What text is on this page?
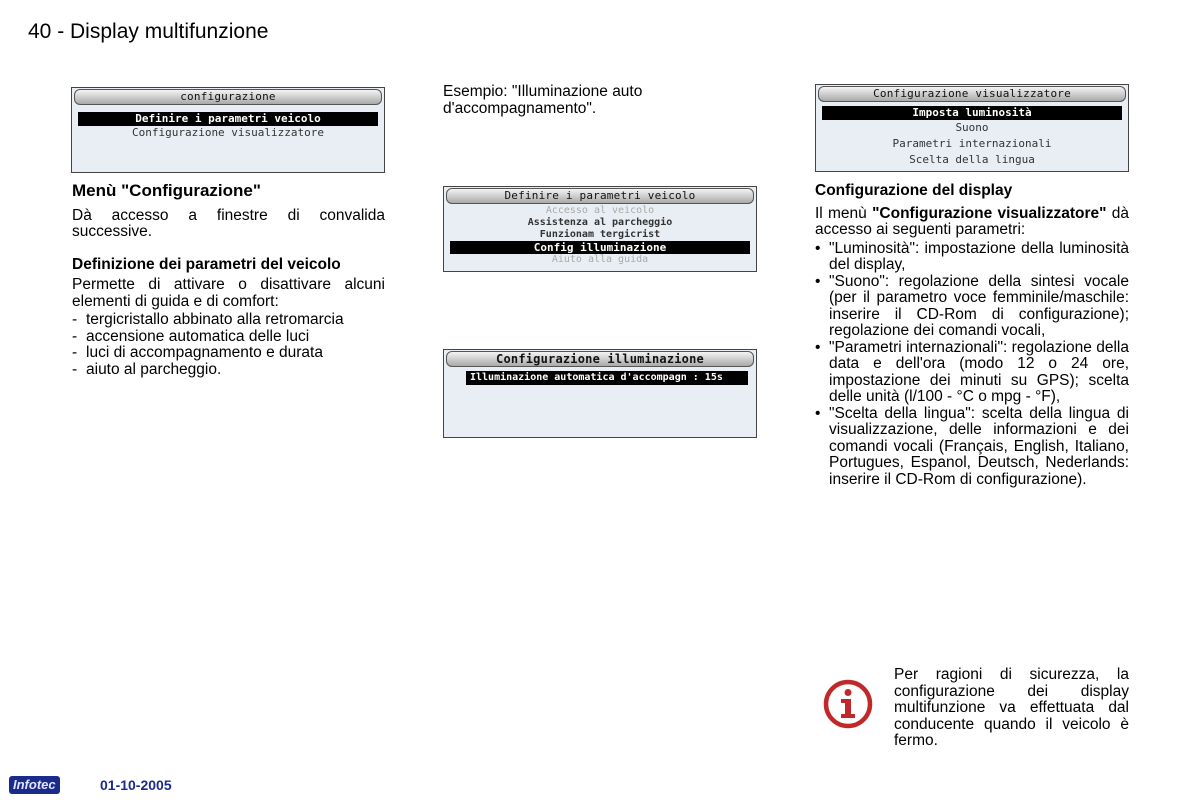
40 - Display multifunzione
configurazione
Definire i parametri veicolo
Configurazione visualizzatore
Menù "Configurazione"

Dà accesso a finestre di convalida successive.

Definizione dei parametri del veicolo

Permette di attivare o disattivare alcuni elementi di guida e di comfort:

- tergicristallo abbinato alla retromarcia
- accensione automatica delle luci
- luci di accompagnamento e durata
- aiuto al parcheggio.
Esempio: "Illuminazione auto d'accompagnamento".
Definire i parametri veicolo
Accesso al veicolo
Assistenza al parcheggio
Funzionam tergicrist
Config illuminazione
Aiuto alla guida
Configurazione illuminazione
Illuminazione automatica d'accompagn : 15s
Configurazione visualizzatore
Imposta luminosità
Suono
Parametri internazionali
Scelta della lingua
Configurazione del display

Il menù "Configurazione visualizzatore" dà accesso ai seguenti parametri:

• "Luminosità": impostazione della luminosità del display,
• "Suono": regolazione della sintesi vocale (per il parametro voce femminile/maschile: inserire il CD-Rom di configurazione); regolazione dei comandi vocali,
• "Parametri internazionali": regolazione della data e dell'ora (modo 12 o 24 ore, impostazione dei minuti su GPS); scelta delle unità (l/100 - °C o mpg - °F),
• "Scelta della lingua": scelta della lingua di visualizzazione, delle informazioni e dei comandi vocali (Français, English, Italiano, Portugues, Espanol, Deutsch, Nederlands: inserire il CD-Rom di configurazione).
Per ragioni di sicurezza, la configurazione dei display multifunzione va effettuata dal conducente quando il veicolo è fermo.
Infotec	01-10-2005
